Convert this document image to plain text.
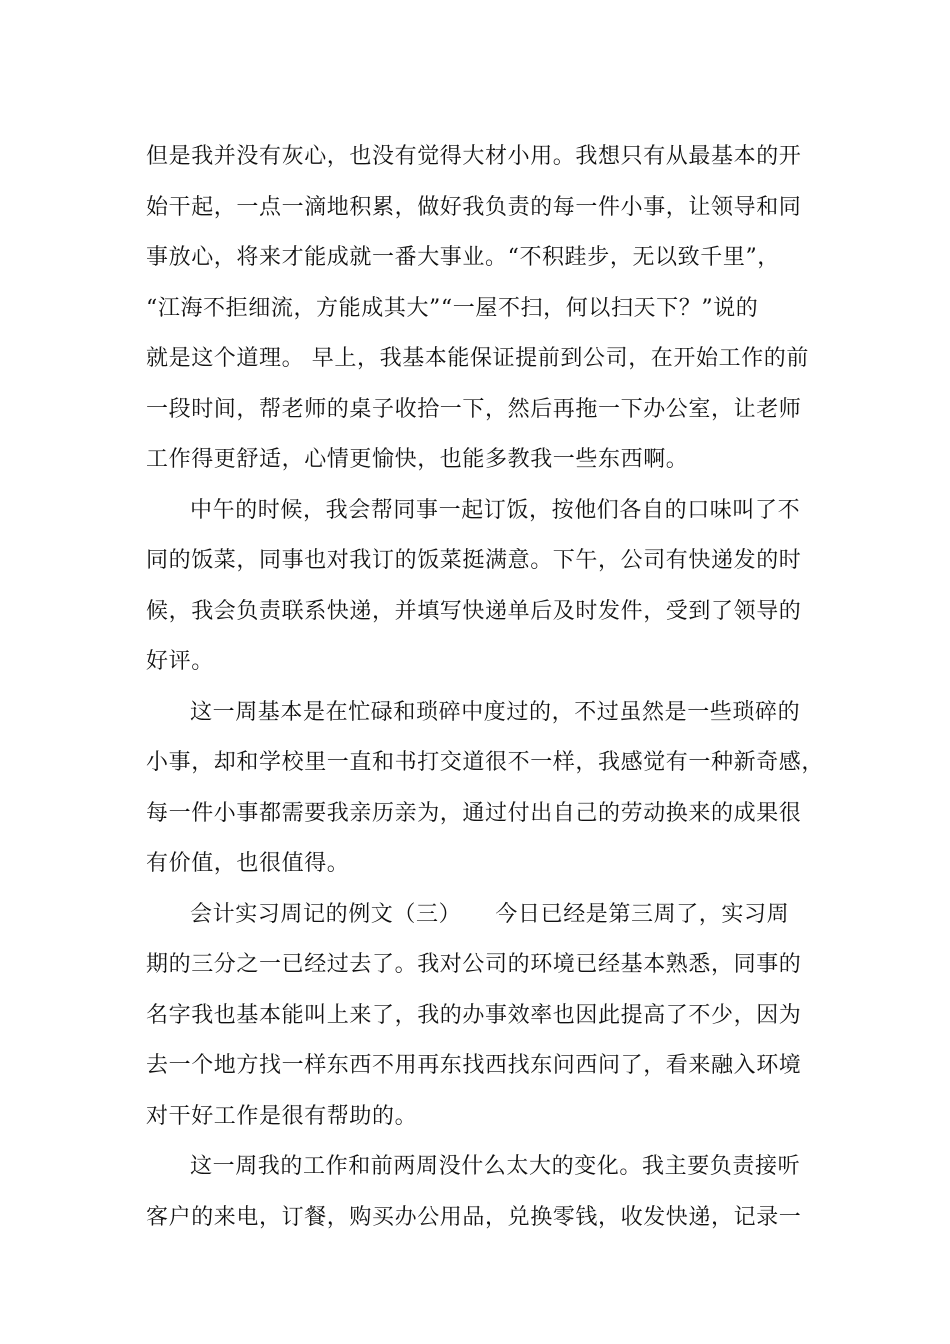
但是我并没有灰心，也没有觉得大材小用。我想只有从最基本的开
始干起，一点一滴地积累，做好我负责的每一件小事，让领导和同
事放心，将来才能成就一番大事业。“不积跬步，无以致千里”，
“江海不拒细流，方能成其大”“一屋不扫，何以扫天下？”说的
就是这个道理。 早上，我基本能保证提前到公司，在开始工作的前
一段时间，帮老师的桌子收拾一下，然后再拖一下办公室，让老师
工作得更舒适，心情更愉快，也能多教我一些东西啊。
中午的时候，我会帮同事一起订饭，按他们各自的口味叫了不
同的饭菜，同事也对我订的饭菜挺满意。下午，公司有快递发的时
候，我会负责联系快递，并填写快递单后及时发件，受到了领导的
好评。
这一周基本是在忙碌和琐碎中度过的，不过虽然是一些琐碎的
小事，却和学校里一直和书打交道很不一样，我感觉有一种新奇感，
每一件小事都需要我亲历亲为，通过付出自己的劳动换来的成果很
有价值，也很值得。
会计实习周记的例文（三）　　今日已经是第三周了，实习周
期的三分之一已经过去了。我对公司的环境已经基本熟悉，同事的
名字我也基本能叫上来了，我的办事效率也因此提高了不少，因为
去一个地方找一样东西不用再东找西找东问西问了，看来融入环境
对干好工作是很有帮助的。
这一周我的工作和前两周没什么太大的变化。我主要负责接听
客户的来电，订餐，购买办公用品，兑换零钱，收发快递，记录一
